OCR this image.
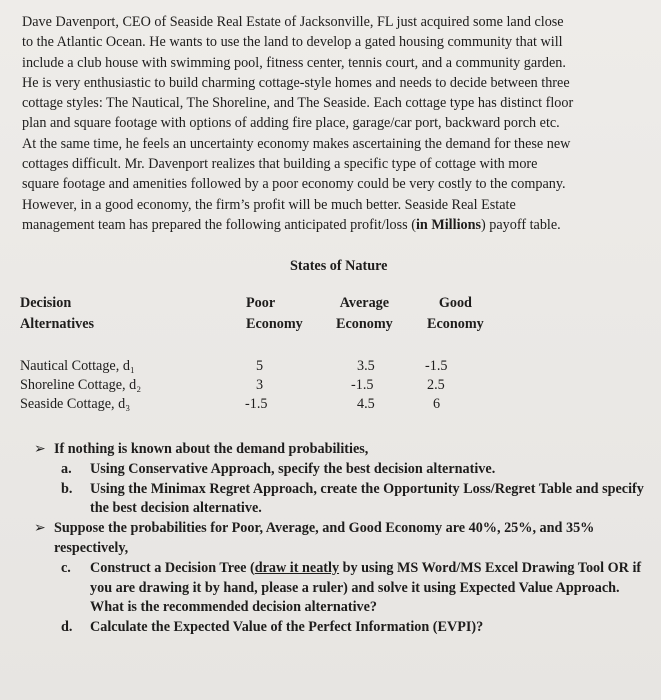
Dave Davenport, CEO of Seaside Real Estate of Jacksonville, FL just acquired some land close
to the Atlantic Ocean. He wants to use the land to develop a gated housing community that will
include a club house with swimming pool, fitness center, tennis court, and a community garden.
He is very enthusiastic to build charming cottage-style homes and needs to decide between three
cottage styles: The Nautical, The Shoreline, and The Seaside. Each cottage type has distinct floor
plan and square footage with options of adding fire place, garage/car port, backward porch etc.
At the same time, he feels an uncertainty economy makes ascertaining the demand for these new
cottages difficult. Mr. Davenport realizes that building a specific type of cottage with more
square footage and amenities followed by a poor economy could be very costly to the company.
However, in a good economy, the firm’s profit will be much better. Seaside Real Estate
management team has prepared the following anticipated profit/loss (in Millions) payoff table.
States of Nature
Decision
Alternatives
Poor
Economy
Average
Economy
Good
Economy
Nautical Cottage, d₁
Shoreline Cottage, d₂
Seaside Cottage, d₃
5
3
-1.5
3.5
-1.5
4.5
-1.5
2.5
6
➢ If nothing is known about the demand probabilities,
a. Using Conservative Approach, specify the best decision alternative.
b. Using the Minimax Regret Approach, create the Opportunity Loss/Regret Table and specify the best decision alternative.
➢ Suppose the probabilities for Poor, Average, and Good Economy are 40%, 25%, and 35% respectively,
c. Construct a Decision Tree (draw it neatly by using MS Word/MS Excel Drawing Tool OR if you are drawing it by hand, please a ruler) and solve it using Expected Value Approach. What is the recommended decision alternative?
d. Calculate the Expected Value of the Perfect Information (EVPI)?
